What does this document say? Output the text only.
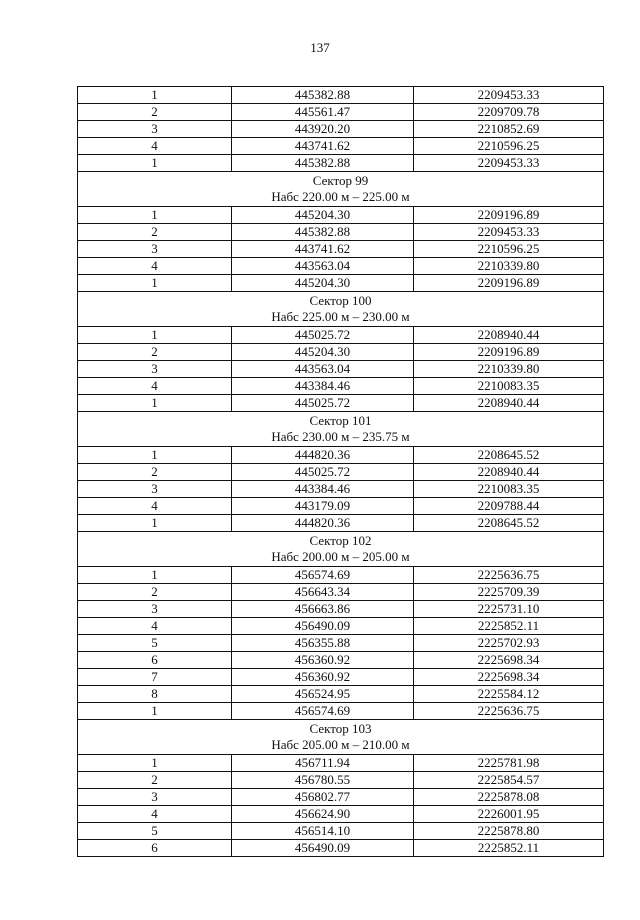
137
1	445382.88	2209453.33
2	445561.47	2209709.78
3	443920.20	2210852.69
4	443741.62	2210596.25
1	445382.88	2209453.33

Сектор 99
Набс 220.00 м – 225.00 м		

1	445204.30	2209196.89
2	445382.88	2209453.33
3	443741.62	2210596.25
4	443563.04	2210339.80
1	445204.30	2209196.89

Сектор 100
Набс 225.00 м – 230.00 м		

1	445025.72	2208940.44
2	445204.30	2209196.89
3	443563.04	2210339.80
4	443384.46	2210083.35
1	445025.72	2208940.44

Сектор 101
Набс 230.00 м – 235.75 м		

1	444820.36	2208645.52
2	445025.72	2208940.44
3	443384.46	2210083.35
4	443179.09	2209788.44
1	444820.36	2208645.52

Сектор 102
Набс 200.00 м – 205.00 м		

1	456574.69	2225636.75
2	456643.34	2225709.39
3	456663.86	2225731.10
4	456490.09	2225852.11
5	456355.88	2225702.93
6	456360.92	2225698.34
7	456360.92	2225698.34
8	456524.95	2225584.12
1	456574.69	2225636.75

Сектор 103
Набс 205.00 м – 210.00 м		

1	456711.94	2225781.98
2	456780.55	2225854.57
3	456802.77	2225878.08
4	456624.90	2226001.95
5	456514.10	2225878.80
6	456490.09	2225852.11
